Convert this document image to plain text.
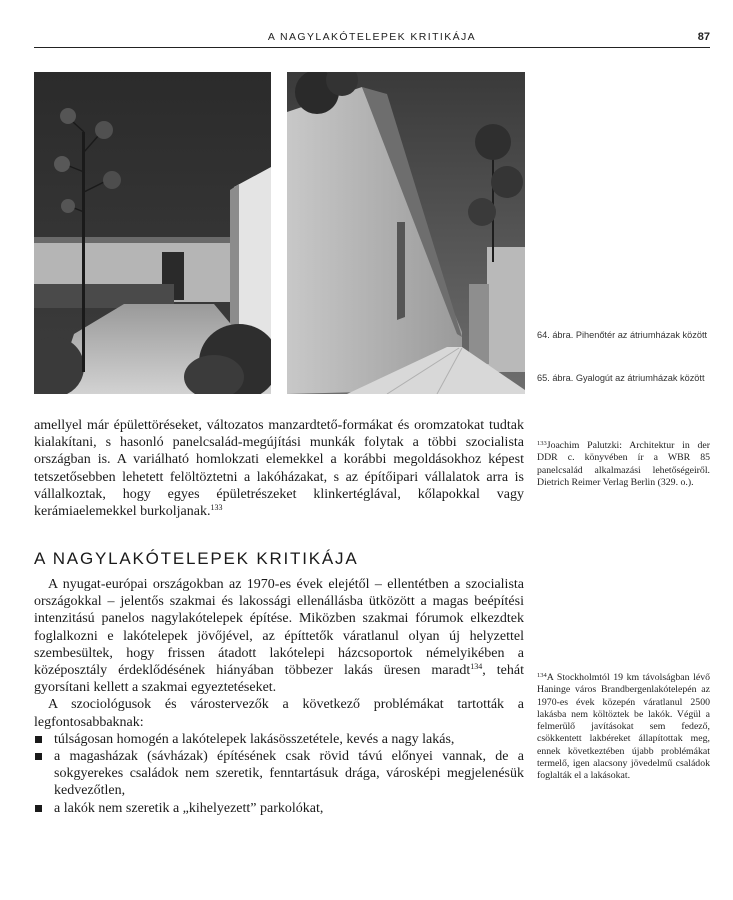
A NAGYLAKÓTELEPEK KRITIKÁJA	87
64. ábra. Pihenőtér az átriumházak között
65. ábra. Gyalogút az átriumházak között

amellyel már épülettöréseket, változatos manzardtető-formákat és oromzatokat tudtak kialakítani, s hasonló panelcsalád-megújítási munkák folytak a többi szocialista országban is. A variálható homlokzati elemekkel a korábbi megoldásokhoz képest tetszetősebben lehetett felöltöztetni a lakóházakat, s az építőipari vállalatok arra is vállalkoztak, hogy egyes épületrészeket klinkertéglával, kőlapokkal vagy kerámiaelemekkel burkoljanak.$^{133}$

A NAGYLAKÓTELEPEK KRITIKÁJA

A nyugat-európai országokban az 1970-es évek elejétől – ellentétben a szocialista országokkal – jelentős szakmai és lakossági ellenállásba ütközött a magas beépítési intenzitású panelos nagylakótelepek építése. Miközben szakmai fórumok elkezdtek foglalkozni e lakótelepek jövőjével, az építtetők váratlanul olyan új helyzettel szembesültek, hogy frissen átadott lakótelepi házcsoportok némelyikében a középosztály érdeklődésének hiányában többezer lakás üresen maradt$^{134}$, tehát gyorsítani kellett a szakmai egyeztetéseket.

A szociológusok és várostervezők a következő problémákat tartották a legfontosabbaknak:

túlságosan homogén a lakótelepek lakásösszetétele, kevés a nagy lakás,
a magasházak (sávházak) építésének csak rövid távú előnyei vannak, de a sokgyerekes családok nem szeretik, fenntartásuk drága, városképi megjelenésük kedvezőtlen,
a lakók nem szeretik a „kihelyezett” parkolókat,
$^{133}$Joachim Palutzki: Architektur in der DDR c. könyvében ír a WBR 85 panelcsalád alkalmazási lehetőségeiről. Dietrich Reimer Verlag Berlin (329. o.).
$^{134}$A Stockholmtól 19 km távolságban lévő Haninge város Brandbergenlakótelepén az 1970-es évek közepén váratlanul 2500 lakásba nem költöztek be lakók. Végül a felmerülő javításokat sem fedező, csökkentett lakbéreket állapítottak meg, ennek következtében újabb problémákat termelő, igen alacsony jövedelmű családok foglalták el a lakásokat.
